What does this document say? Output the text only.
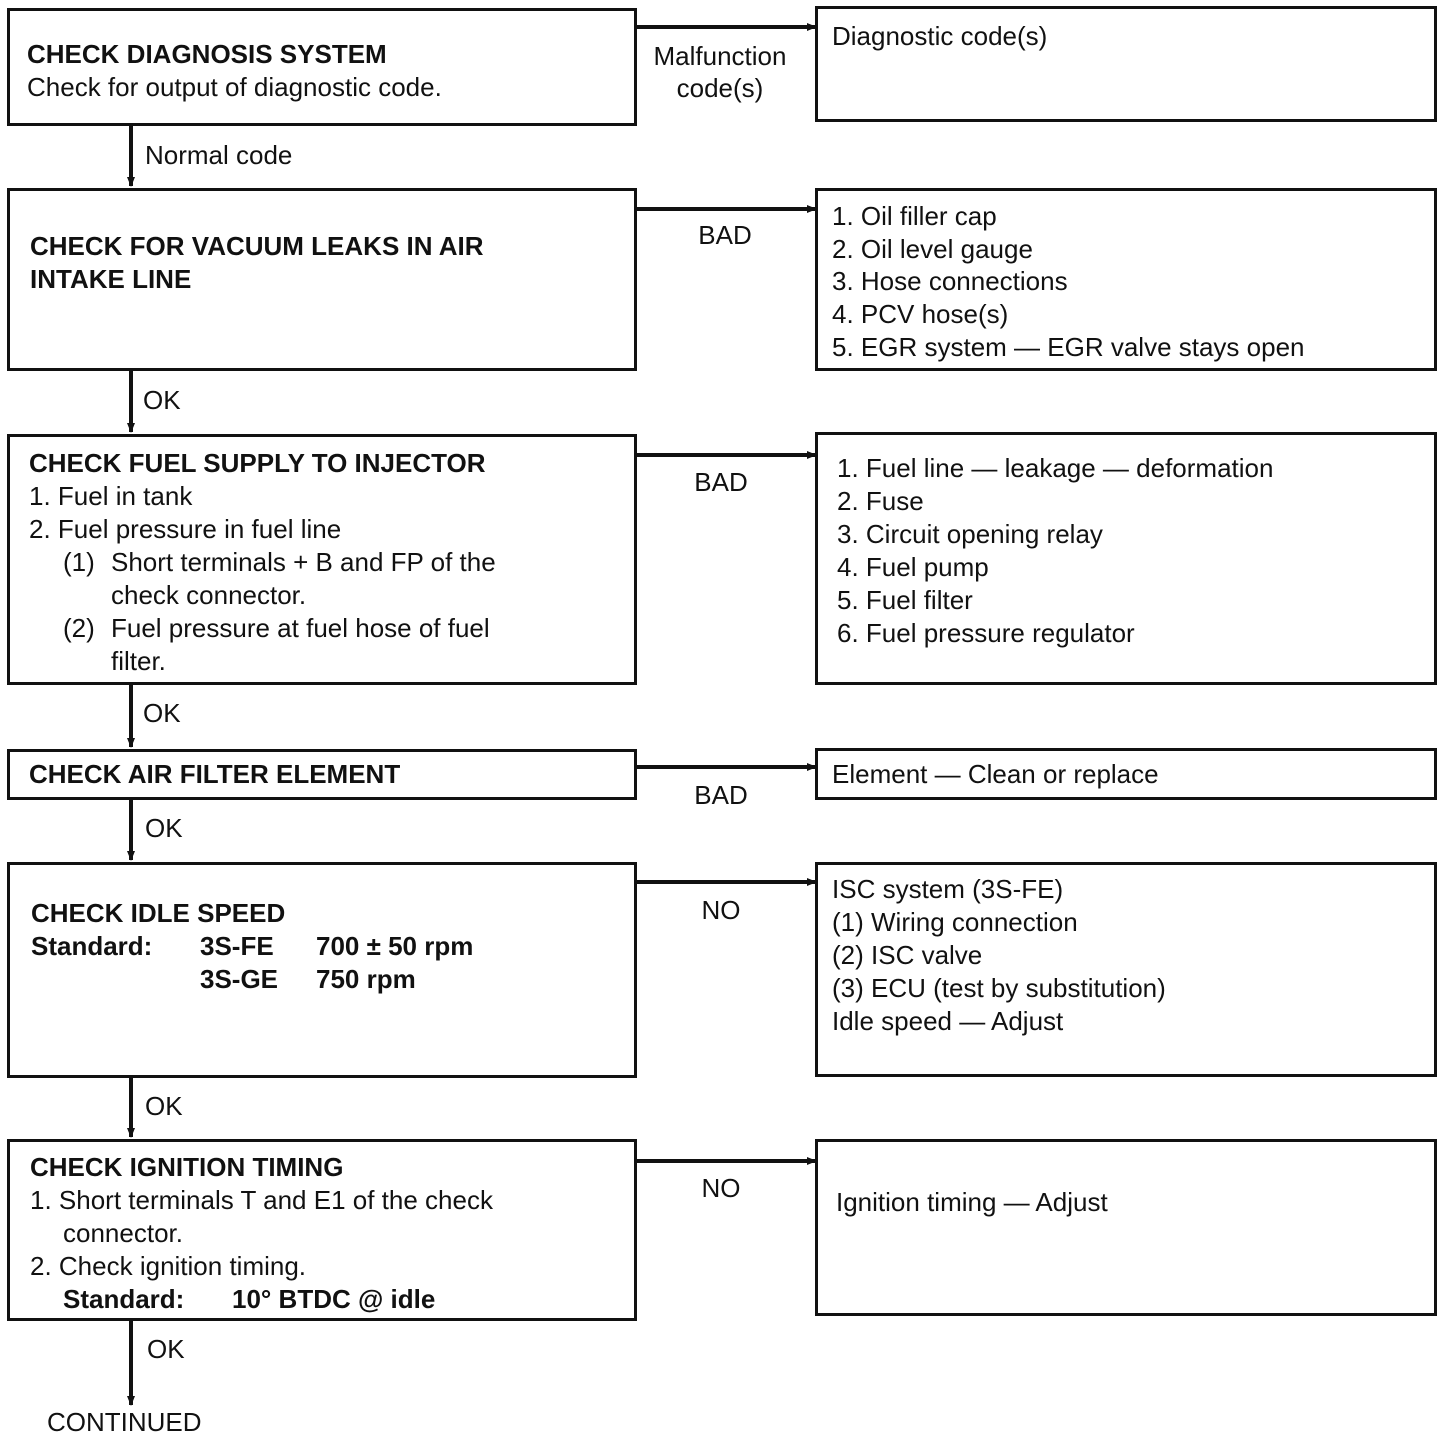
CHECK DIAGNOSIS SYSTEM
Check for output of diagnostic code.
CHECK FOR VACUUM LEAKS IN AIR
INTAKE LINE
CHECK FUEL SUPPLY TO INJECTOR
1. Fuel in tank
2. Fuel pressure in fuel line
(1) Short terminals + B and FP of the
check connector.
(2) Fuel pressure at fuel hose of fuel
filter.
CHECK AIR FILTER ELEMENT
CHECK IDLE SPEED
Standard: 3S-FE 700 ± 50 rpm
3S-GE 750 rpm
CHECK IGNITION TIMING
1. Short terminals T and E1 of the check
connector.
2. Check ignition timing.
Standard: 10° BTDC @ idle
Diagnostic code(s)
1. Oil filler cap
2. Oil level gauge
3. Hose connections
4. PCV hose(s)
5. EGR system — EGR valve stays open
1. Fuel line — leakage — deformation
2. Fuse
3. Circuit opening relay
4. Fuel pump
5. Fuel filter
6. Fuel pressure regulator
Element — Clean or replace
ISC system (3S-FE)
(1) Wiring connection
(2) ISC valve
(3) ECU (test by substitution)
Idle speed — Adjust
Ignition timing — Adjust
Malfunction
code(s)
Normal code
BAD
BAD
BAD
NO
NO
OK
OK
OK
OK
OK
CONTINUED
